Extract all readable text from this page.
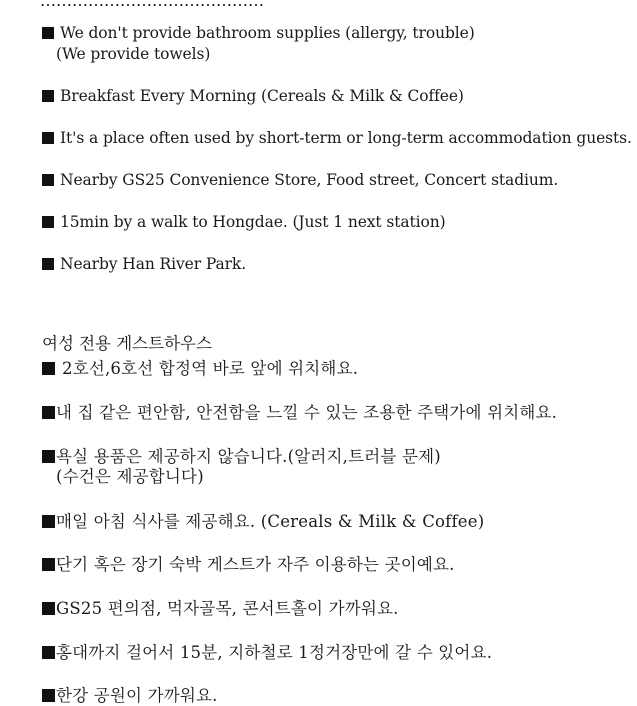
……………………………………
We don't provide bathroom supplies (allergy, trouble)
(We provide towels)
Breakfast Every Morning (Cereals & Milk & Coffee)
It's a place often used by short-term or long-term accommodation guests.
Nearby GS25 Convenience Store, Food street, Concert stadium.
15min by a walk to Hongdae. (Just 1 next station)
Nearby Han River Park.
여성 전용 게스트하우스
2호선,6호선 합정역 바로 앞에 위치해요.
내 집 같은 편안함, 안전함을 느낄 수 있는 조용한 주택가에 위치해요.
욕실 용품은 제공하지 않습니다.(알러지,트러블 문제)
(수건은 제공합니다)
매일 아침 식사를 제공해요. (Cereals & Milk & Coffee)
단기 혹은 장기 숙박 게스트가 자주 이용하는 곳이예요.
GS25 편의점, 먹자골목, 콘서트홀이 가까워요.
홍대까지 걸어서 15분, 지하철로 1정거장만에 갈 수 있어요.
한강 공원이 가까워요.
